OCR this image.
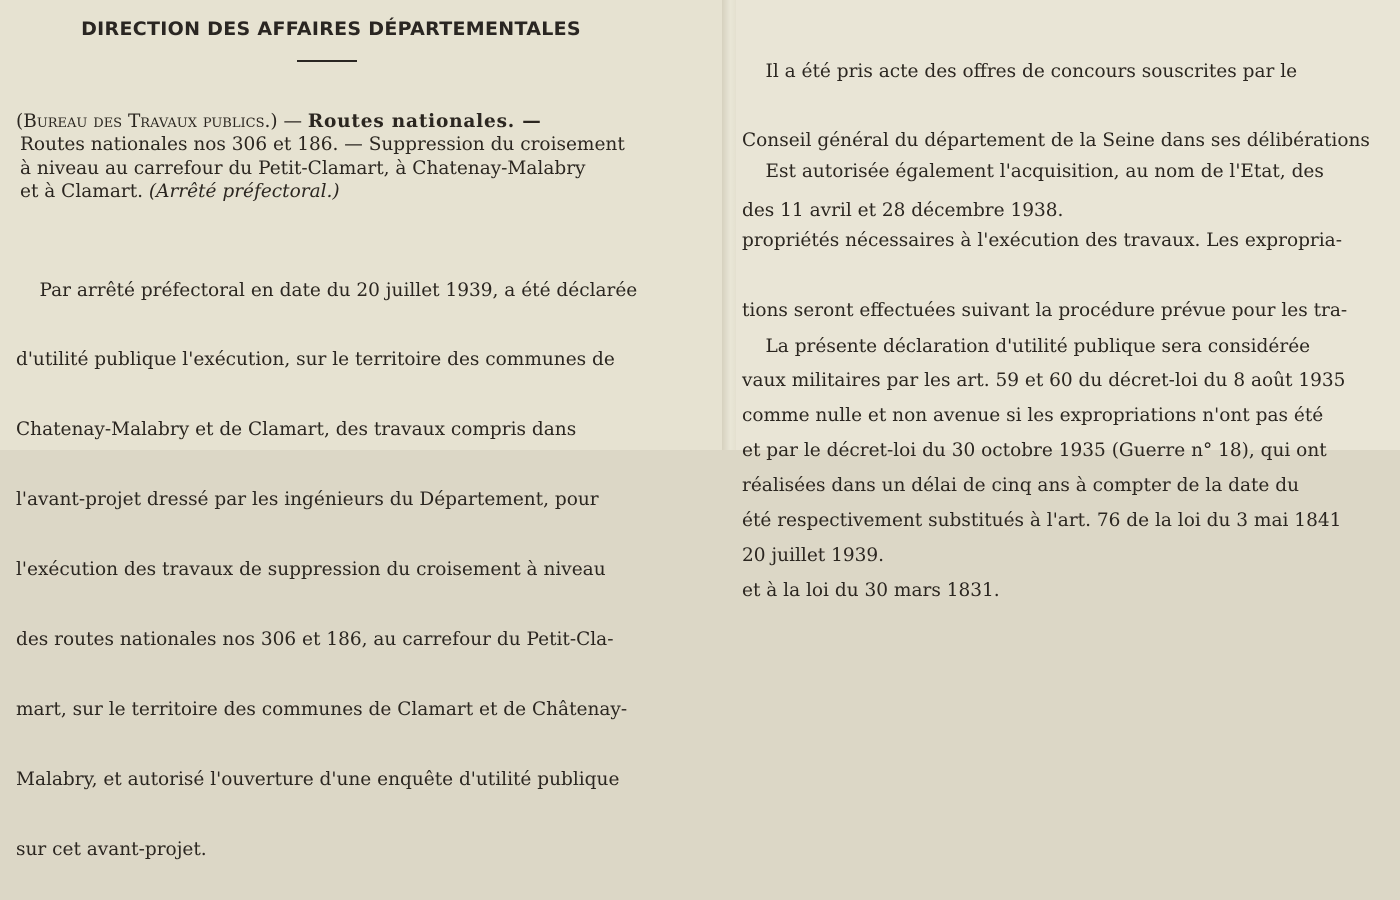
DIRECTION DES AFFAIRES DÉPARTEMENTALES
(Bureau des Travaux publics.) — Routes nationales. —
Routes nationales nos 306 et 186. — Suppression du croisement
à niveau au carrefour du Petit-Clamart, à Chatenay-Malabry
et à Clamart. (Arrêté préfectoral.)

Par arrêté préfectoral en date du 20 juillet 1939, a été déclarée

d'utilité publique l'exécution, sur le territoire des communes de

Chatenay-Malabry et de Clamart, des travaux compris dans

l'avant-projet dressé par les ingénieurs du Département, pour

l'exécution des travaux de suppression du croisement à niveau

des routes nationales nos 306 et 186, au carrefour du Petit-Cla-

mart, sur le territoire des communes de Clamart et de Châtenay-

Malabry, et autorisé l'ouverture d'une enquête d'utilité publique

sur cet avant-projet.

Il a été pris acte des offres de concours souscrites par le

Conseil général du département de la Seine dans ses délibérations

des 11 avril et 28 décembre 1938.

Est autorisée également l'acquisition, au nom de l'Etat, des

propriétés nécessaires à l'exécution des travaux. Les expropria-

tions seront effectuées suivant la procédure prévue pour les tra-

vaux militaires par les art. 59 et 60 du décret-loi du 8 août 1935

et par le décret-loi du 30 octobre 1935 (Guerre n° 18), qui ont

été respectivement substitués à l'art. 76 de la loi du 3 mai 1841

et à la loi du 30 mars 1831.

La présente déclaration d'utilité publique sera considérée

comme nulle et non avenue si les expropriations n'ont pas été

réalisées dans un délai de cinq ans à compter de la date du

20 juillet 1939.
